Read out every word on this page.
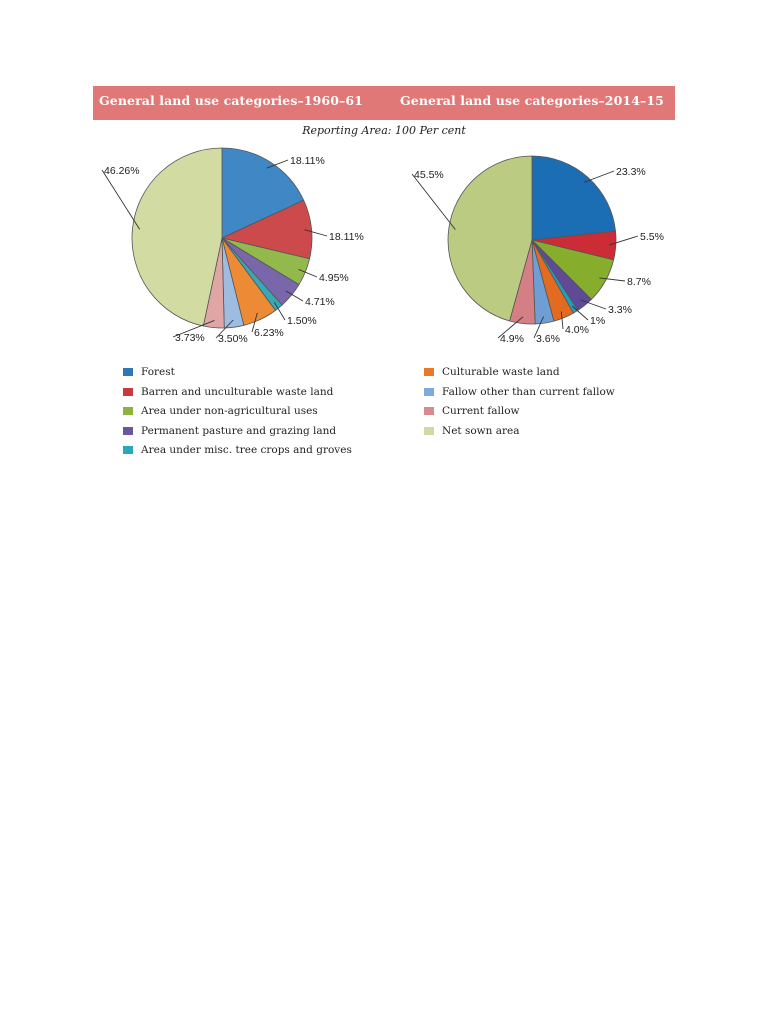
General land use categories–1960–61	General land use categories–2014–15
Reporting Area: 100 Per cent
18.11%
18.11%
4.95%
4.71%
1.50%
6.23%
3.50%
3.73%
46.26%	23.3%
5.5%
8.7%
3.3%
1%
4.0%
3.6%
4.9%
45.5%
Forest
Barren and unculturable waste land
Area under non-agricultural uses
Permanent pasture and grazing land
Area under misc. tree crops and groves
Culturable waste land
Fallow other than current fallow
Current fallow
Net sown area
